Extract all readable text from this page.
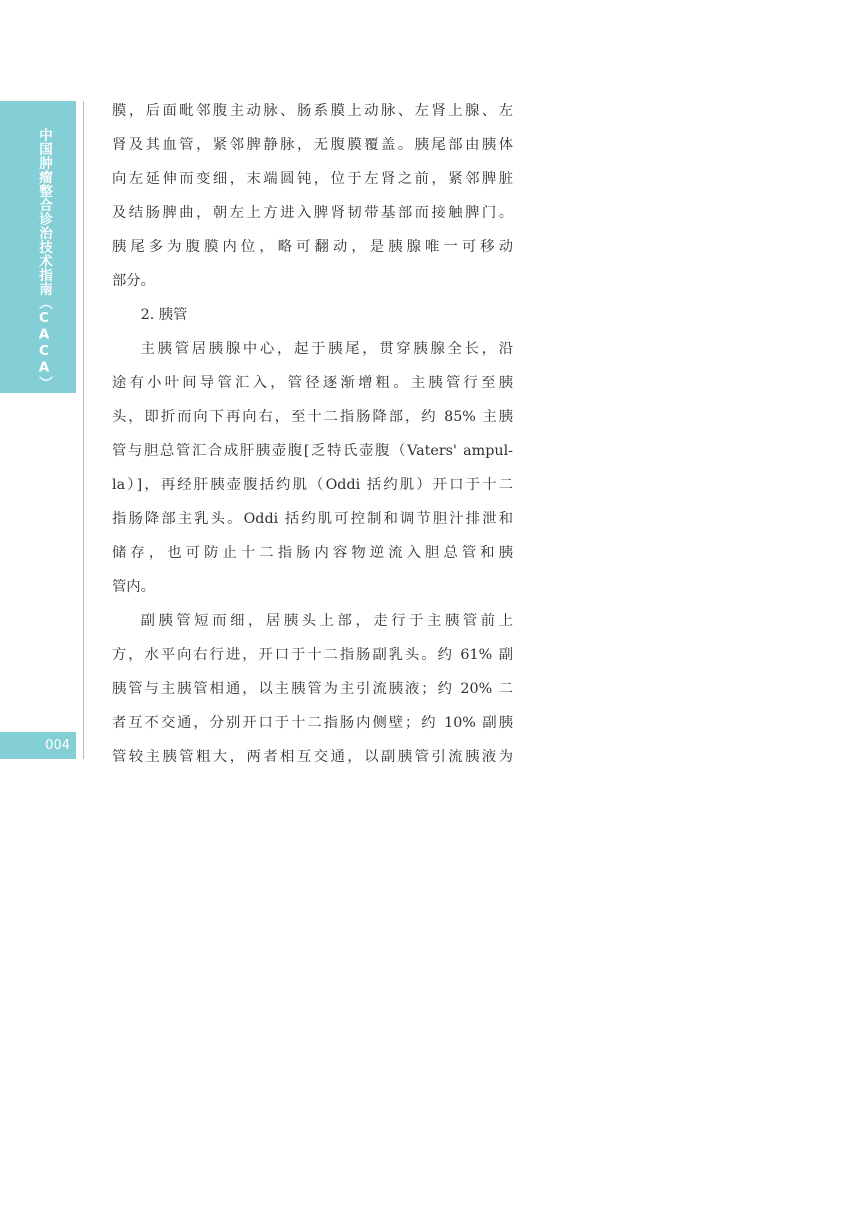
中国肿瘤整合诊治技术指南（CACA）
004
膜，后面毗邻腹主动脉、肠系膜上动脉、左肾上腺、左
肾及其血管，紧邻脾静脉，无腹膜覆盖。胰尾部由胰体
向左延伸而变细，末端圆钝，位于左肾之前，紧邻脾脏
及结肠脾曲，朝左上方进入脾肾韧带基部而接触脾门。
胰尾多为腹膜内位，略可翻动，是胰腺唯一可移动
部分。
2. 胰管
主胰管居胰腺中心，起于胰尾，贯穿胰腺全长，沿
途有小叶间导管汇入，管径逐渐增粗。主胰管行至胰
头，即折而向下再向右，至十二指肠降部，约 85% 主胰
管与胆总管汇合成肝胰壶腹[乏特氏壶腹（Vaters' ampul-
la）]，再经肝胰壶腹括约肌（Oddi 括约肌）开口于十二
指肠降部主乳头。Oddi 括约肌可控制和调节胆汁排泄和
储存，也可防止十二指肠内容物逆流入胆总管和胰
管内。
副胰管短而细，居胰头上部，走行于主胰管前上
方，水平向右行进，开口于十二指肠副乳头。约 61% 副
胰管与主胰管相通，以主胰管为主引流胰液；约 20% 二
者互不交通，分别开口于十二指肠内侧壁；约 10% 副胰
管较主胰管粗大，两者相互交通，以副胰管引流胰液为
